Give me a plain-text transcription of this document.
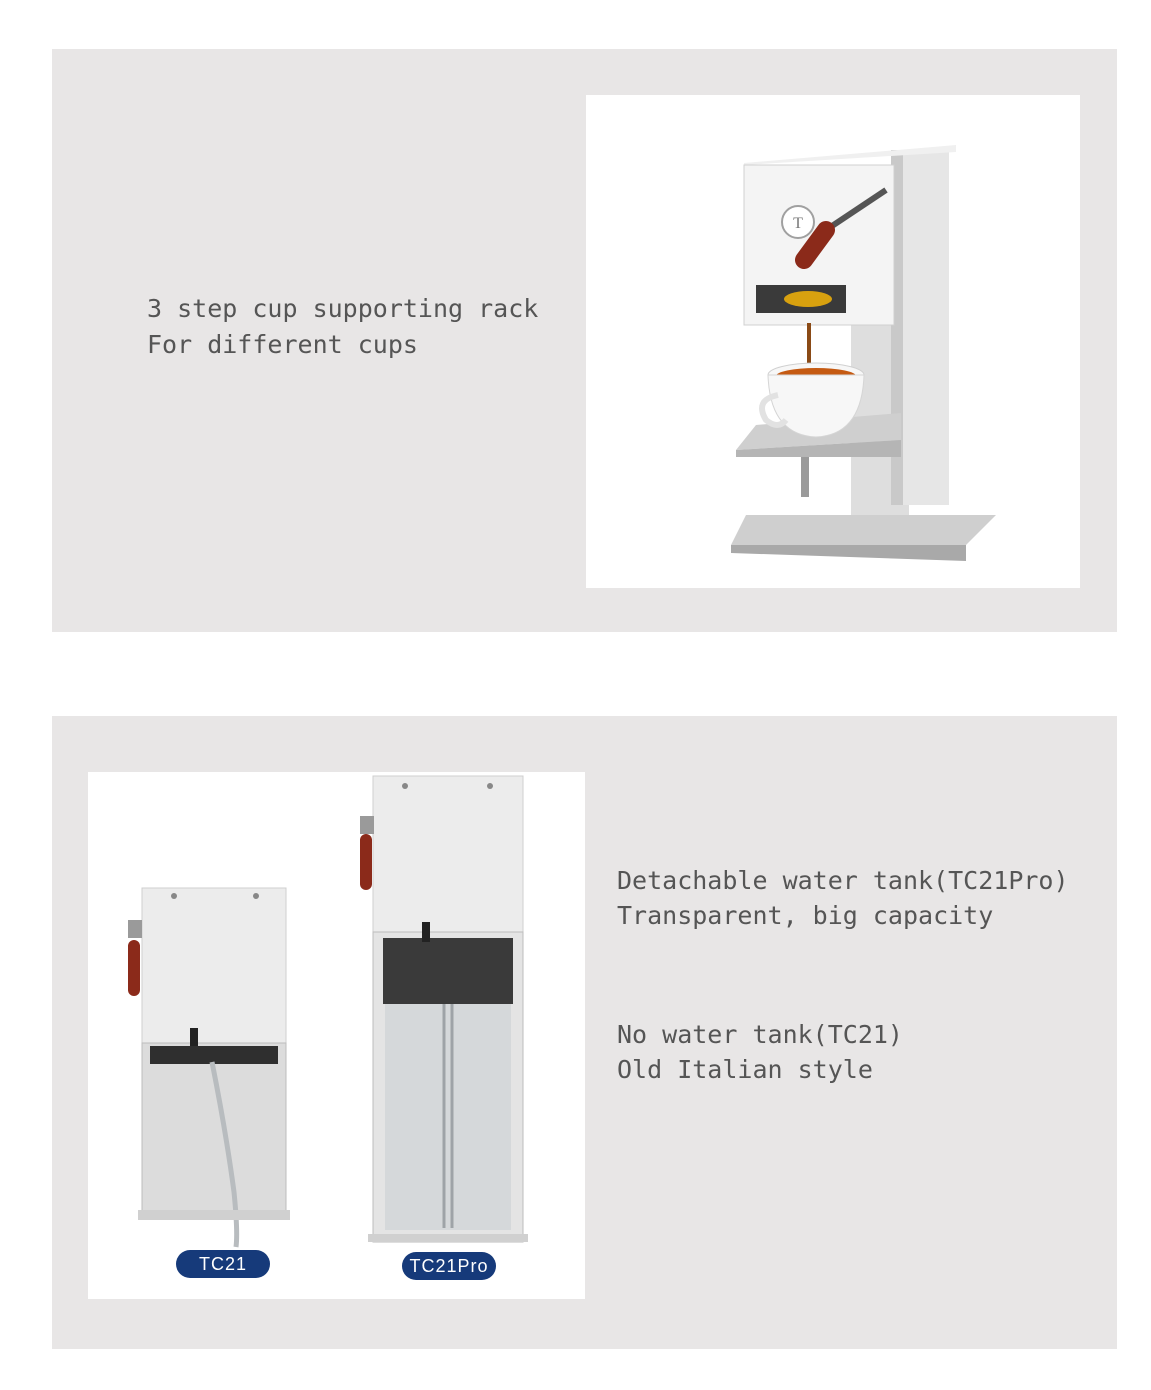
3 step cup supporting rack
For different cups
T
TC21	TC21Pro
Detachable water tank(TC21Pro)
Transparent, big capacity
No water tank(TC21)
Old Italian style
